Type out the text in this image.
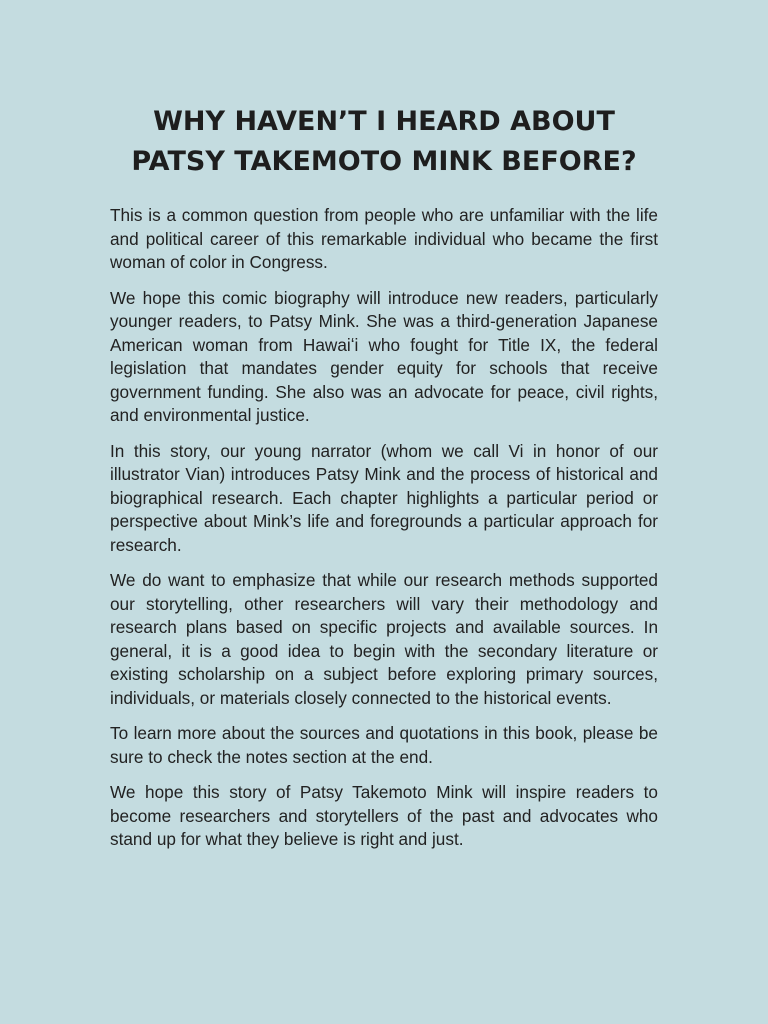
WHY HAVEN’T I HEARD ABOUT
PATSY TAKEMOTO MINK BEFORE?

This is a common question from people who are unfamiliar with the life and political career of this remarkable individual who became the first woman of color in Congress.

We hope this comic biography will introduce new readers, particularly younger readers, to Patsy Mink. She was a third-generation Japanese American woman from Hawaiʻi who fought for Title IX, the federal legislation that mandates gender equity for schools that receive government funding. She also was an advocate for peace, civil rights, and environmental justice.

In this story, our young narrator (whom we call Vi in honor of our illustrator Vian) introduces Patsy Mink and the process of historical and biographical research. Each chapter highlights a particular period or perspective about Mink’s life and foregrounds a particular approach for research.

We do want to emphasize that while our research methods supported our storytelling, other researchers will vary their methodology and research plans based on specific projects and available sources. In general, it is a good idea to begin with the secondary literature or existing scholarship on a subject before exploring primary sources, individuals, or materials closely connected to the historical events.

To learn more about the sources and quotations in this book, please be sure to check the notes section at the end.

We hope this story of Patsy Takemoto Mink will inspire readers to become researchers and storytellers of the past and advocates who stand up for what they believe is right and just.
